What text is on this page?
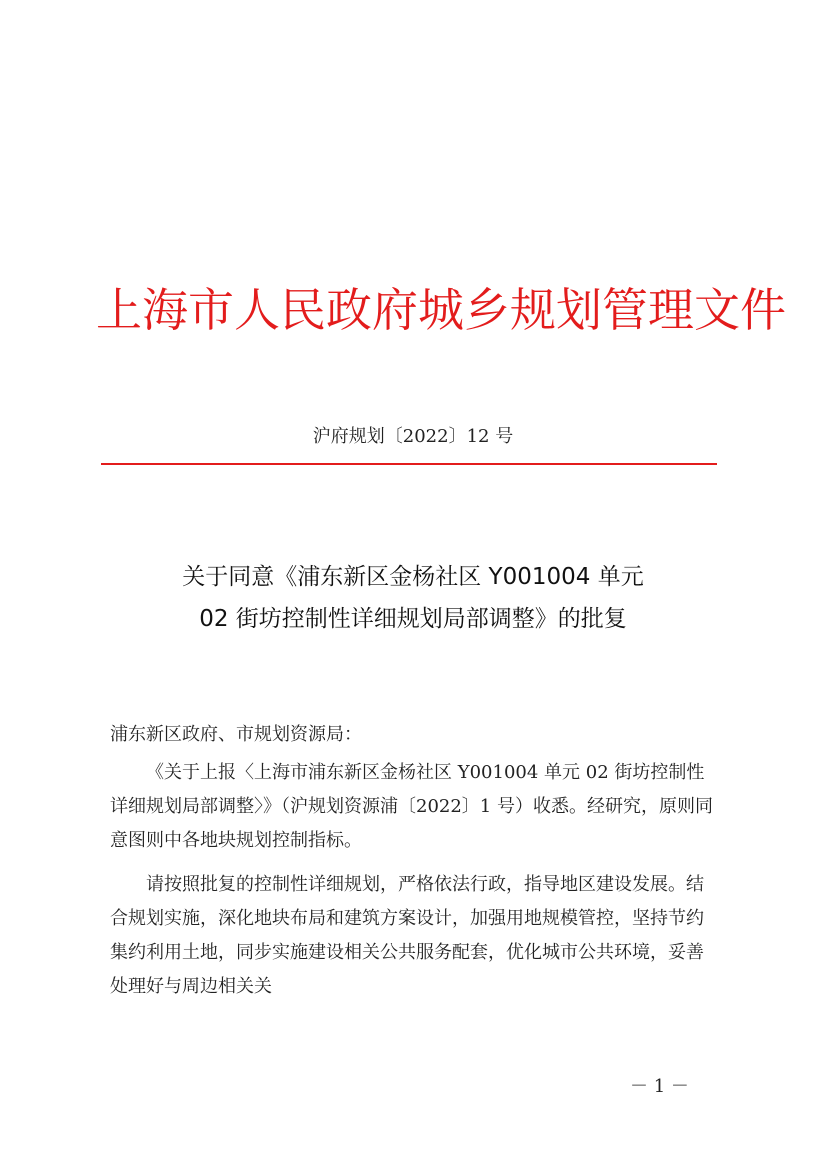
上海市人民政府城乡规划管理文件
沪府规划〔2022〕12 号
关于同意《浦东新区金杨社区 Y001004 单元
02 街坊控制性详细规划局部调整》的批复

浦东新区政府、市规划资源局：

《关于上报〈上海市浦东新区金杨社区 Y001004 单元 02 街坊控制性详细规划局部调整〉》（沪规划资源浦〔2022〕1 号）收悉。经研究，原则同意图则中各地块规划控制指标。

请按照批复的控制性详细规划，严格依法行政，指导地区建设发展。结合规划实施，深化地块布局和建筑方案设计，加强用地规模管控，坚持节约集约利用土地，同步实施建设相关公共服务配套，优化城市公共环境，妥善处理好与周边相关关

－ 1 －
